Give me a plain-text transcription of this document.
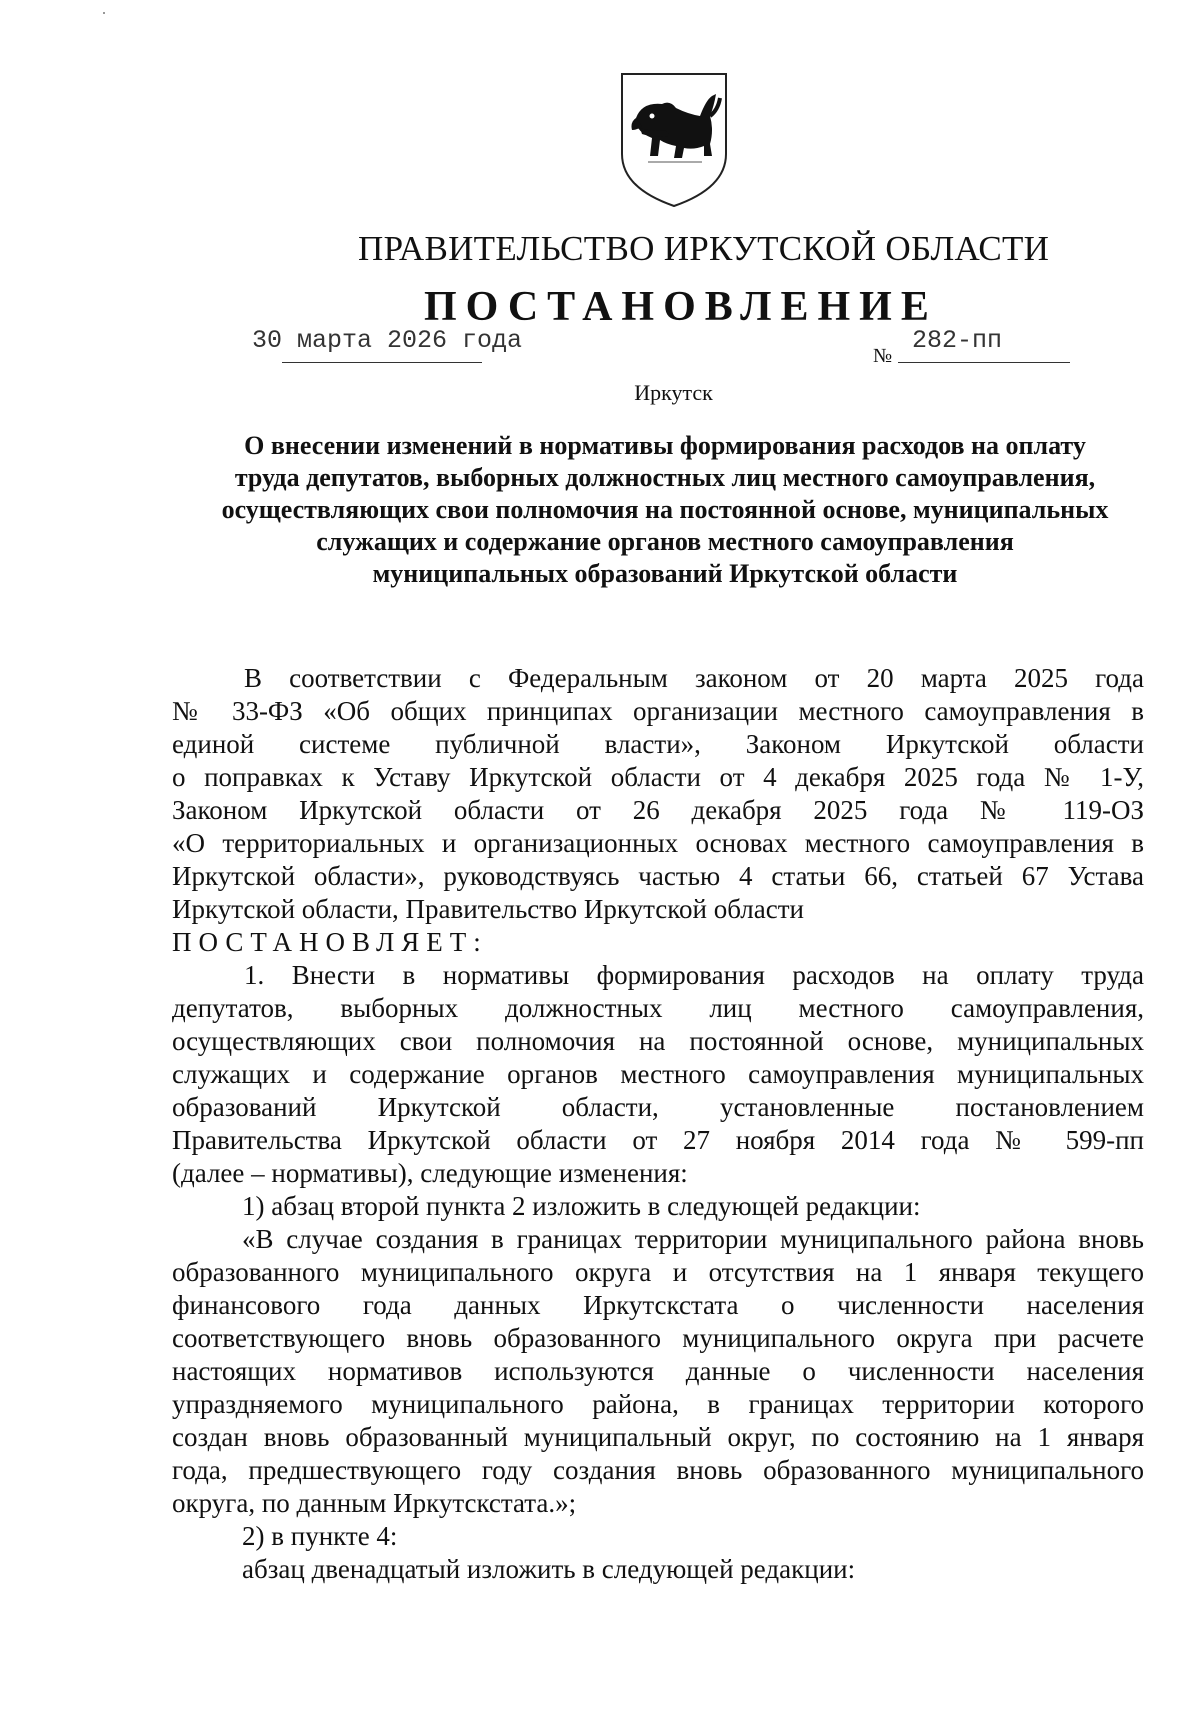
ПРАВИТЕЛЬСТВО ИРКУТСКОЙ ОБЛАСТИ
ПОСТАНОВЛЕНИЕ
30 марта 2026 года
№
282-пп
Иркутск
О внесении изменений в нормативы формирования расходов на оплату
труда депутатов, выборных должностных лиц местного самоуправления,
осуществляющих свои полномочия на постоянной основе, муниципальных
служащих и содержание органов местного самоуправления
муниципальных образований Иркутской области
В соответствии с Федеральным законом от 20 марта 2025 года
№ 33-ФЗ «Об общих принципах организации местного самоуправления в
единой системе публичной власти», Законом Иркутской области
о поправках к Уставу Иркутской области от 4 декабря 2025 года № 1-У,
Законом Иркутской области от 26 декабря 2025 года № 119-ОЗ
«О территориальных и организационных основах местного самоуправления в
Иркутской области», руководствуясь частью 4 статьи 66, статьей 67 Устава
Иркутской области, Правительство Иркутской области
ПОСТАНОВЛЯЕТ:
1. Внести в нормативы формирования расходов на оплату труда
депутатов, выборных должностных лиц местного самоуправления,
осуществляющих свои полномочия на постоянной основе, муниципальных
служащих и содержание органов местного самоуправления муниципальных
образований Иркутской области, установленные постановлением
Правительства Иркутской области от 27 ноября 2014 года № 599-пп
(далее – нормативы), следующие изменения:
1) абзац второй пункта 2 изложить в следующей редакции:
«В случае создания в границах территории муниципального района вновь
образованного муниципального округа и отсутствия на 1 января текущего
финансового года данных Иркутскстата о численности населения
соответствующего вновь образованного муниципального округа при расчете
настоящих нормативов используются данные о численности населения
упраздняемого муниципального района, в границах территории которого
создан вновь образованный муниципальный округ, по состоянию на 1 января
года, предшествующего году создания вновь образованного муниципального
округа, по данным Иркутскстата.»;
2) в пункте 4:
абзац двенадцатый изложить в следующей редакции:
